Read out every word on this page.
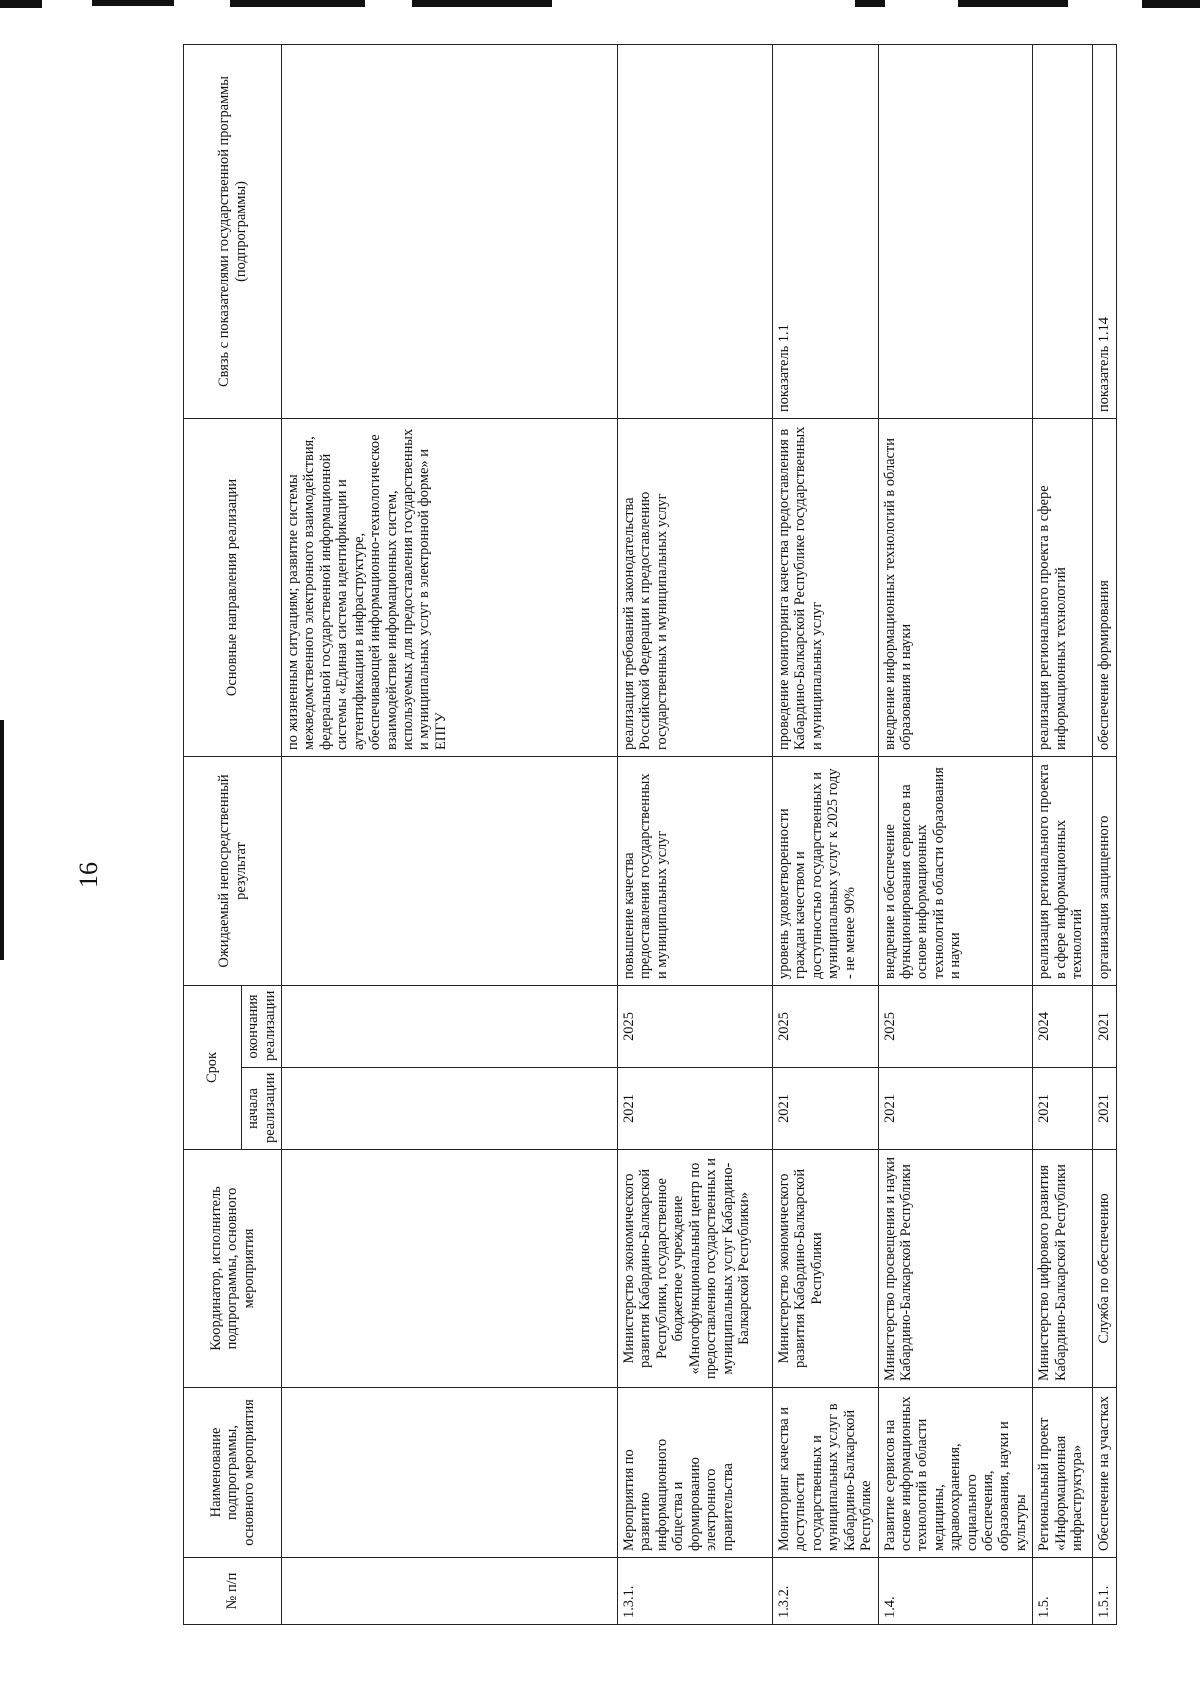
16
№ п/п	Наименование подпрограммы, основного мероприятия	Координатор, исполнитель подпрограммы, основного мероприятия	Срок		Ожидаемый непосредственный результат	Основные направления реализации	Связь с показателями государственной программы (подпрограммы)
			начала реализации	окончания реализации			
						по жизненным ситуациям; развитие системы межведомственного электронного взаимодействия, федеральной государственной информационной системы «Единая система идентификации и аутентификации в инфраструктуре, обеспечивающей информационно-технологическое взаимодействие информационных систем, используемых для предоставления государственных и муниципальных услуг в электронной форме» и ЕПГУ	
1.3.1.	Мероприятия по развитию информационного общества и формированию электронного правительства	Министерство экономического развития Кабардино-Балкарской Республики, государственное бюджетное учреждение «Многофункциональный центр по предоставлению государственных и муниципальных услуг Кабардино-Балкарской Республики»	2021	2025	повышение качества предоставления государственных и муниципальных услуг	реализация требований законодательства Российской Федерации к предоставлению государственных и муниципальных услуг	
1.3.2.	Мониторинг качества и доступности государственных и муниципальных услуг в Кабардино-Балкарской Республике	Министерство экономического развития Кабардино-Балкарской Республики	2021	2025	уровень удовлетворенности граждан качеством и доступностью государственных и муниципальных услуг к 2025 году - не менее 90%	проведение мониторинга качества предоставления в Кабардино-Балкарской Республике государственных и муниципальных услуг	показатель 1.1
1.4.	Развитие сервисов на основе информационных технологий в области медицины, здравоохранения, социального обеспечения, образования, науки и культуры	Министерство просвещения и науки Кабардино-Балкарской Республики	2021	2025	внедрение и обеспечение функционирования сервисов на основе информационных технологий в области образования и науки	внедрение информационных технологий в области образования и науки	
1.5.	Региональный проект «Информационная инфраструктура»	Министерство цифрового развития Кабардино-Балкарской Республики	2021	2024	реализация регионального проекта в сфере информационных технологий	реализация регионального проекта в сфере информационных технологий	
1.5.1.	Обеспечение на участках	Служба по обеспечению	2021	2021	организация защищенного	обеспечение формирования	показатель 1.14
